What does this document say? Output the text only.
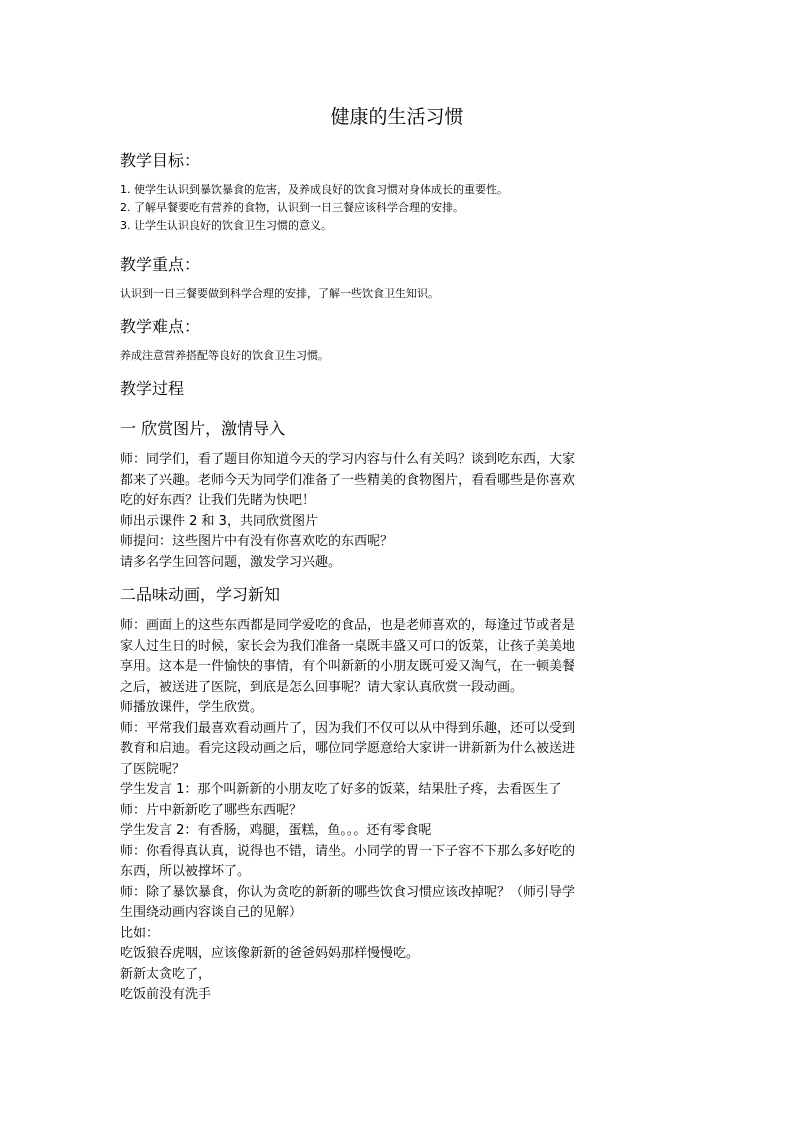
健康的生活习惯
教学目标：
1. 使学生认识到暴饮暴食的危害，及养成良好的饮食习惯对身体成长的重要性。
2. 了解早餐要吃有营养的食物，认识到一日三餐应该科学合理的安排。
3. 让学生认识良好的饮食卫生习惯的意义。
教学重点：
认识到一日三餐要做到科学合理的安排，了解一些饮食卫生知识。
教学难点：
养成注意营养搭配等良好的饮食卫生习惯。
教学过程
一 欣赏图片，激情导入
师：同学们，看了题目你知道今天的学习内容与什么有关吗？谈到吃东西，大家
都来了兴趣。老师今天为同学们准备了一些精美的食物图片，看看哪些是你喜欢
吃的好东西？让我们先睹为快吧！
师出示课件 2 和 3，共同欣赏图片
师提问：这些图片中有没有你喜欢吃的东西呢？
请多名学生回答问题，激发学习兴趣。
二品味动画，学习新知
师：画面上的这些东西都是同学爱吃的食品，也是老师喜欢的，每逢过节或者是
家人过生日的时候，家长会为我们准备一桌既丰盛又可口的饭菜，让孩子美美地
享用。这本是一件愉快的事情，有个叫新新的小朋友既可爱又淘气，在一顿美餐
之后，被送进了医院，到底是怎么回事呢？请大家认真欣赏一段动画。
师播放课件，学生欣赏。
师：平常我们最喜欢看动画片了，因为我们不仅可以从中得到乐趣，还可以受到
教育和启迪。看完这段动画之后，哪位同学愿意给大家讲一讲新新为什么被送进
了医院呢？
学生发言 1：那个叫新新的小朋友吃了好多的饭菜，结果肚子疼，去看医生了
师：片中新新吃了哪些东西呢？
学生发言 2：有香肠，鸡腿，蛋糕，鱼。。。还有零食呢
师：你看得真认真，说得也不错，请坐。小同学的胃一下子容不下那么多好吃的
东西，所以被撑坏了。
师：除了暴饮暴食，你认为贪吃的新新的哪些饮食习惯应该改掉呢？（师引导学
生围绕动画内容谈自己的见解）
比如：
吃饭狼吞虎咽，应该像新新的爸爸妈妈那样慢慢吃。
新新太贪吃了，
吃饭前没有洗手
